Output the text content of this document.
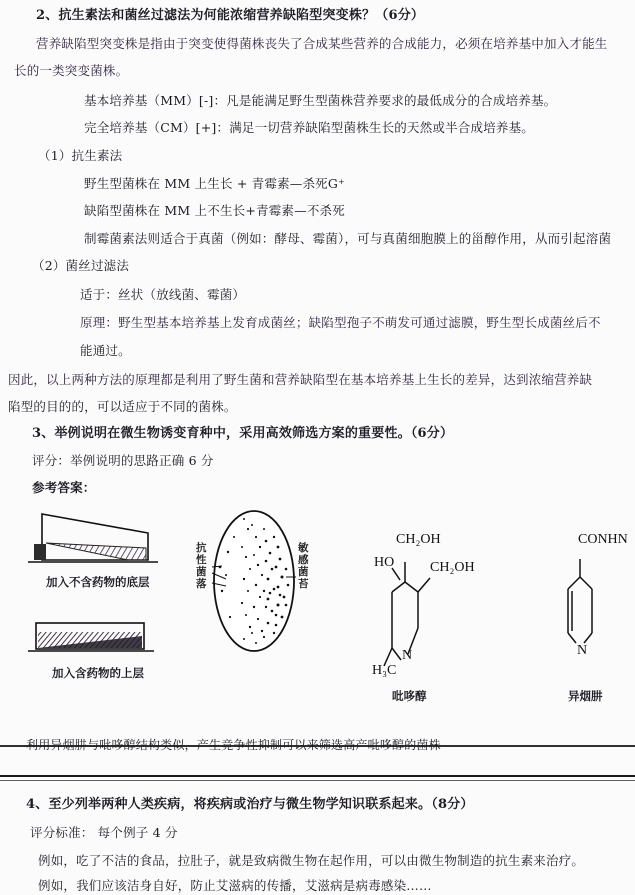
2、抗生素法和菌丝过滤法为何能浓缩营养缺陷型突变株？（6分）
营养缺陷型突变株是指由于突变使得菌株丧失了合成某些营养的合成能力，必须在培养基中加入才能生
长的一类突变菌株。
基本培养基（MM）[-]：凡是能满足野生型菌株营养要求的最低成分的合成培养基。
完全培养基（CM）[+]：满足一切营养缺陷型菌株生长的天然或半合成培养基。
（1）抗生素法
野生型菌株在 MM 上生长 + 青霉素—杀死G⁺
缺陷型菌株在 MM 上不生长+青霉素—不杀死
制霉菌素法则适合于真菌（例如：酵母、霉菌），可与真菌细胞膜上的甾醇作用，从而引起溶菌
（2）菌丝过滤法
适于：丝状（放线菌、霉菌）
原理：野生型基本培养基上发育成菌丝；缺陷型孢子不萌发可通过滤膜，野生型长成菌丝后不
能通过。
因此，以上两种方法的原理都是利用了野生菌和营养缺陷型在基本培养基上生长的差异，达到浓缩营养缺
陷型的目的的，可以适应于不同的菌株。
3、举例说明在微生物诱变育种中，采用高效筛选方案的重要性。（6分）
评分：举例说明的思路正确 6 分
参考答案：
加入不含药物的底层
加入含药物的上层
抗性菌落
敏感菌苔
CH₂OH
HO	CH₂OH
N
H₃C
吡哆醇
CONHN
N
异烟肼
4、至少列举两种人类疾病，将疾病或治疗与微生物学知识联系起来。（8分）
评分标准： 每个例子 4 分
例如，吃了不洁的食品，拉肚子，就是致病微生物在起作用，可以由微生物制造的抗生素来治疗。
例如，我们应该洁身自好，防止艾滋病的传播，艾滋病是病毒感染……
